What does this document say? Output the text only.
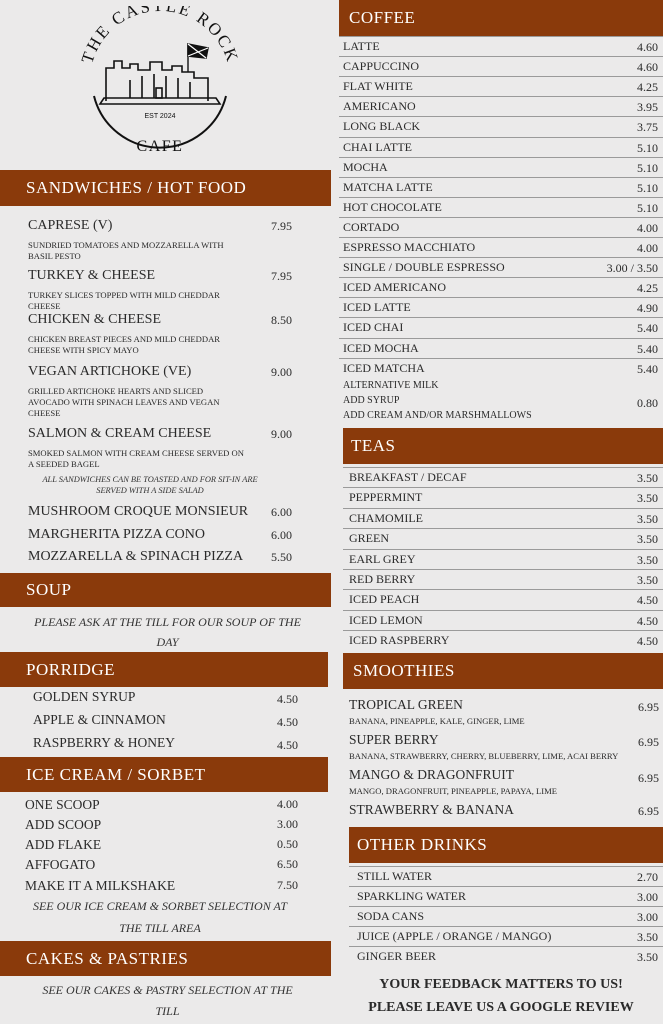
THE CAS LE ROCK
EST 2024
CAFE
SANDWICHES / HOT FOOD
CAPRESE (V)	7.95
SUNDRIED TOMATOES AND MOZZARELLA WITH BASIL PESTO
TURKEY & CHEESE	7.95
TURKEY SLICES TOPPED WITH MILD CHEDDAR CHEESE
CHICKEN & CHEESE	8.50
CHICKEN BREAST PIECES AND MILD CHEDDAR CHEESE WITH SPICY MAYO
VEGAN ARTICHOKE (VE)	9.00
GRILLED ARTICHOKE HEARTS AND SLICED AVOCADO WITH SPINACH LEAVES AND VEGAN CHEESE
SALMON & CREAM CHEESE	9.00
SMOKED SALMON WITH CREAM CHEESE SERVED ON A SEEDED BAGEL
ALL SANDWICHES CAN BE TOASTED AND FOR SIT-IN ARE SERVED WITH A SIDE SALAD
MUSHROOM CROQUE MONSIEUR	6.00
MARGHERITA PIZZA CONO	6.00
MOZZARELLA & SPINACH PIZZA	5.50
SOUP
PLEASE ASK AT THE TILL FOR OUR SOUP OF THE DAY
PORRIDGE
GOLDEN SYRUP	4.50
APPLE & CINNAMON	4.50
RASPBERRY & HONEY	4.50
ICE CREAM / SORBET
ONE SCOOP	4.00
ADD SCOOP	3.00
ADD FLAKE	0.50
AFFOGATO	6.50
MAKE IT A MILKSHAKE	7.50
SEE OUR ICE CREAM & SORBET SELECTION AT THE TILL AREA
CAKES & PASTRIES
SEE OUR CAKES & PASTRY SELECTION AT THE TILL
COFFEE
LATTE	4.60
CAPPUCCINO	4.60
FLAT WHITE	4.25
AMERICANO	3.95
LONG BLACK	3.75
CHAI LATTE	5.10
MOCHA	5.10
MATCHA LATTE	5.10
HOT CHOCOLATE	5.10
CORTADO	4.00
ESPRESSO MACCHIATO	4.00
SINGLE / DOUBLE ESPRESSO	3.00 / 3.50
ICED AMERICANO	4.25
ICED LATTE	4.90
ICED CHAI	5.40
ICED MOCHA	5.40
ICED MATCHA	5.40
ALTERNATIVE MILK
ADD SYRUP	0.80
ADD CREAM AND/OR MARSHMALLOWS
TEAS
BREAKFAST / DECAF	3.50
PEPPERMINT	3.50
CHAMOMILE	3.50
GREEN	3.50
EARL GREY	3.50
RED BERRY	3.50
ICED PEACH	4.50
ICED LEMON	4.50
ICED RASPBERRY	4.50
SMOOTHIES
TROPICAL GREEN	6.95
BANANA, PINEAPPLE, KALE, GINGER, LIME
SUPER BERRY	6.95
BANANA, STRAWBERRY, CHERRY, BLUEBERRY, LIME, ACAI BERRY
MANGO & DRAGONFRUIT	6.95
MANGO, DRAGONFRUIT, PINEAPPLE, PAPAYA, LIME
STRAWBERRY & BANANA	6.95
OTHER DRINKS
STILL WATER	2.70
SPARKLING WATER	3.00
SODA CANS	3.00
JUICE (APPLE / ORANGE / MANGO)	3.50
GINGER BEER	3.50
YOUR FEEDBACK MATTERS TO US!
PLEASE LEAVE US A GOOGLE REVIEW
